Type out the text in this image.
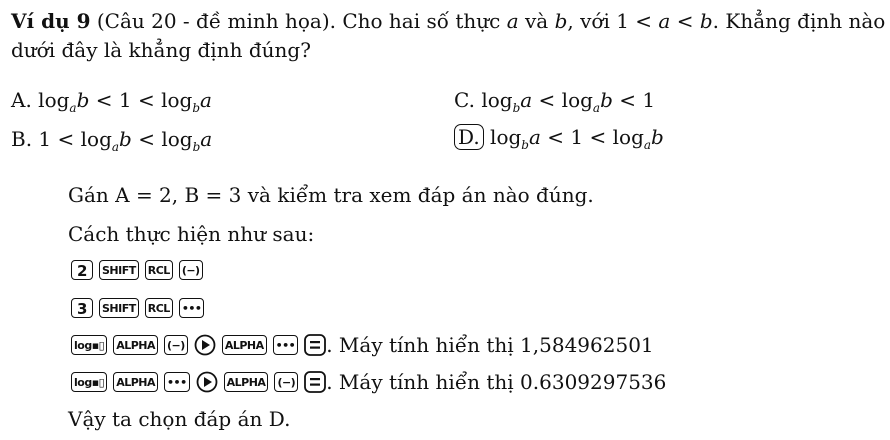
Ví dụ 9 (Câu 20 - đề minh họa). Cho hai số thực a và b, với 1 < a < b. Khẳng định nào
dưới đây là khẳng định đúng?
A. $\log_ab < 1 < \log_ba$	C. $\log_ba < \log_ab < 1$
B. $1 < \log_ab < \log_ba$	D. $\log_ba < 1 < \log_ab$
Gán A = 2, B = 3 và kiểm tra xem đáp án nào đúng.
Cách thực hiện như sau:
2	SHIFT RCL (−)
3	SHIFT RCL •••
log▪▯ ALPHA (−)	ALPHA ••• . Máy tính hiển thị 1,584962501
log▪▯ ALPHA •••	ALPHA (−) . Máy tính hiển thị 0.6309297536
Vậy ta chọn đáp án D.
